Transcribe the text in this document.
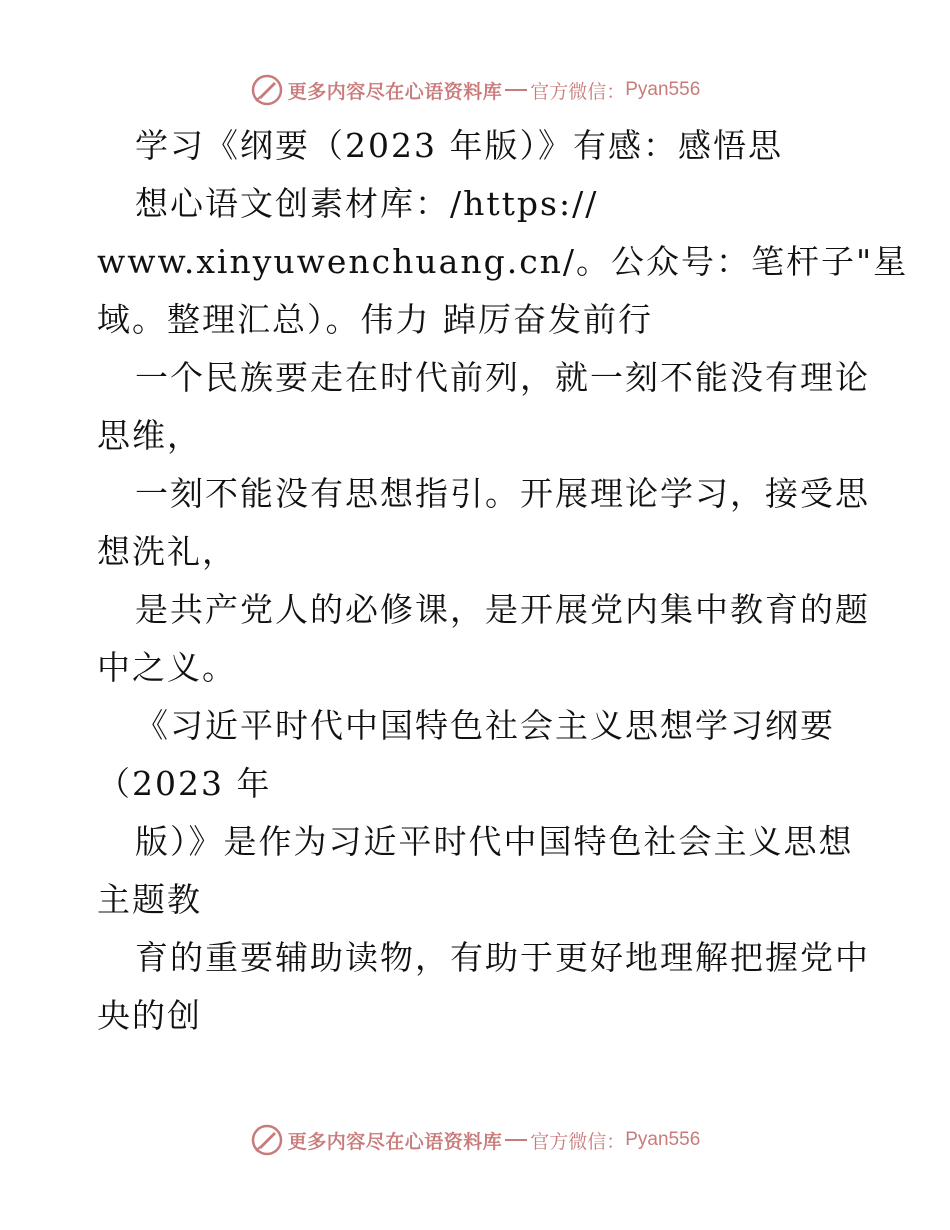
更多内容尽在心语资料库 官方微信： Pyan556
学习《纲要（2023 年版）》有感：感悟思
想心语文创素材库：/https://
www.xinyuwenchuang.cn/。公众号：笔杆子"星
域。整理汇总）。伟力 踔厉奋发前行
一个民族要走在时代前列，就一刻不能没有理论
思维，
一刻不能没有思想指引。开展理论学习，接受思
想洗礼，
是共产党人的必修课，是开展党内集中教育的题
中之义。
《习近平时代中国特色社会主义思想学习纲要
（2023 年
版）》是作为习近平时代中国特色社会主义思想
主题教
育的重要辅助读物，有助于更好地理解把握党中
央的创
更多内容尽在心语资料库 官方微信： Pyan556
